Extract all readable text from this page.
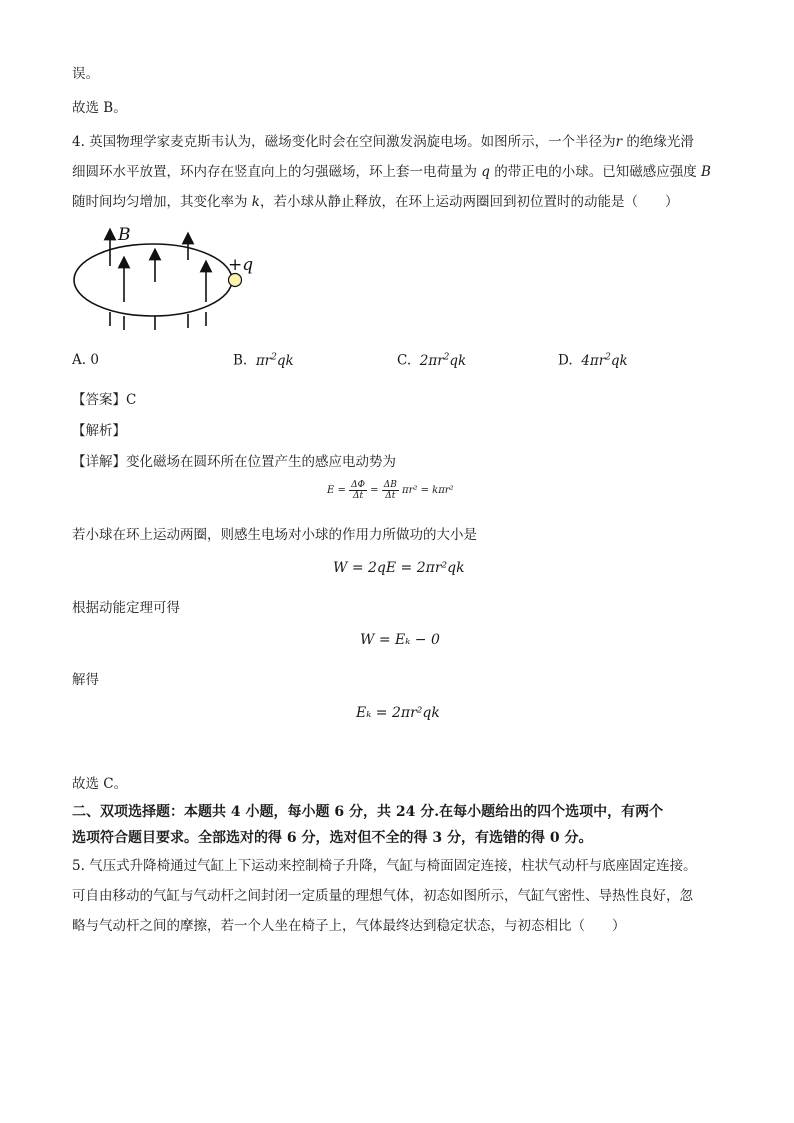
误。
故选 B。
4. 英国物理学家麦克斯韦认为，磁场变化时会在空间激发涡旋电场。如图所示，一个半径为r 的绝缘光滑
细圆环水平放置，环内存在竖直向上的匀强磁场，环上套一电荷量为 q 的带正电的小球。已知磁感应强度 B
随时间均匀增加，其变化率为 k，若小球从静止释放，在环上运动两圈回到初位置时的动能是（　　）
B
+q
A. 0	B. $\pi r^2qk$	C. $2\pi r^2qk$	D. $4\pi r^2qk$
【答案】C
【解析】
【详解】变化磁场在圆环所在位置产生的感应电动势为
$E = \frac{\Delta\Phi}{\Delta t} = \frac{\Delta B}{\Delta t} \pi r^2 = k\pi r^2$
若小球在环上运动两圈，则感生电场对小球的作用力所做功的大小是
W = 2qE = 2πr²qk
根据动能定理可得
W = Eₖ − 0
解得
Eₖ = 2πr²qk
故选 C。
二、双项选择题：本题共 4 小题，每小题 6 分，共 24 分.在每小题给出的四个选项中，有两个
选项符合题目要求。全部选对的得 6 分，选对但不全的得 3 分，有选错的得 0 分。
5. 气压式升降椅通过气缸上下运动来控制椅子升降，气缸与椅面固定连接，柱状气动杆与底座固定连接。
可自由移动的气缸与气动杆之间封闭一定质量的理想气体，初态如图所示，气缸气密性、导热性良好，忽
略与气动杆之间的摩擦，若一个人坐在椅子上，气体最终达到稳定状态，与初态相比（　　）
